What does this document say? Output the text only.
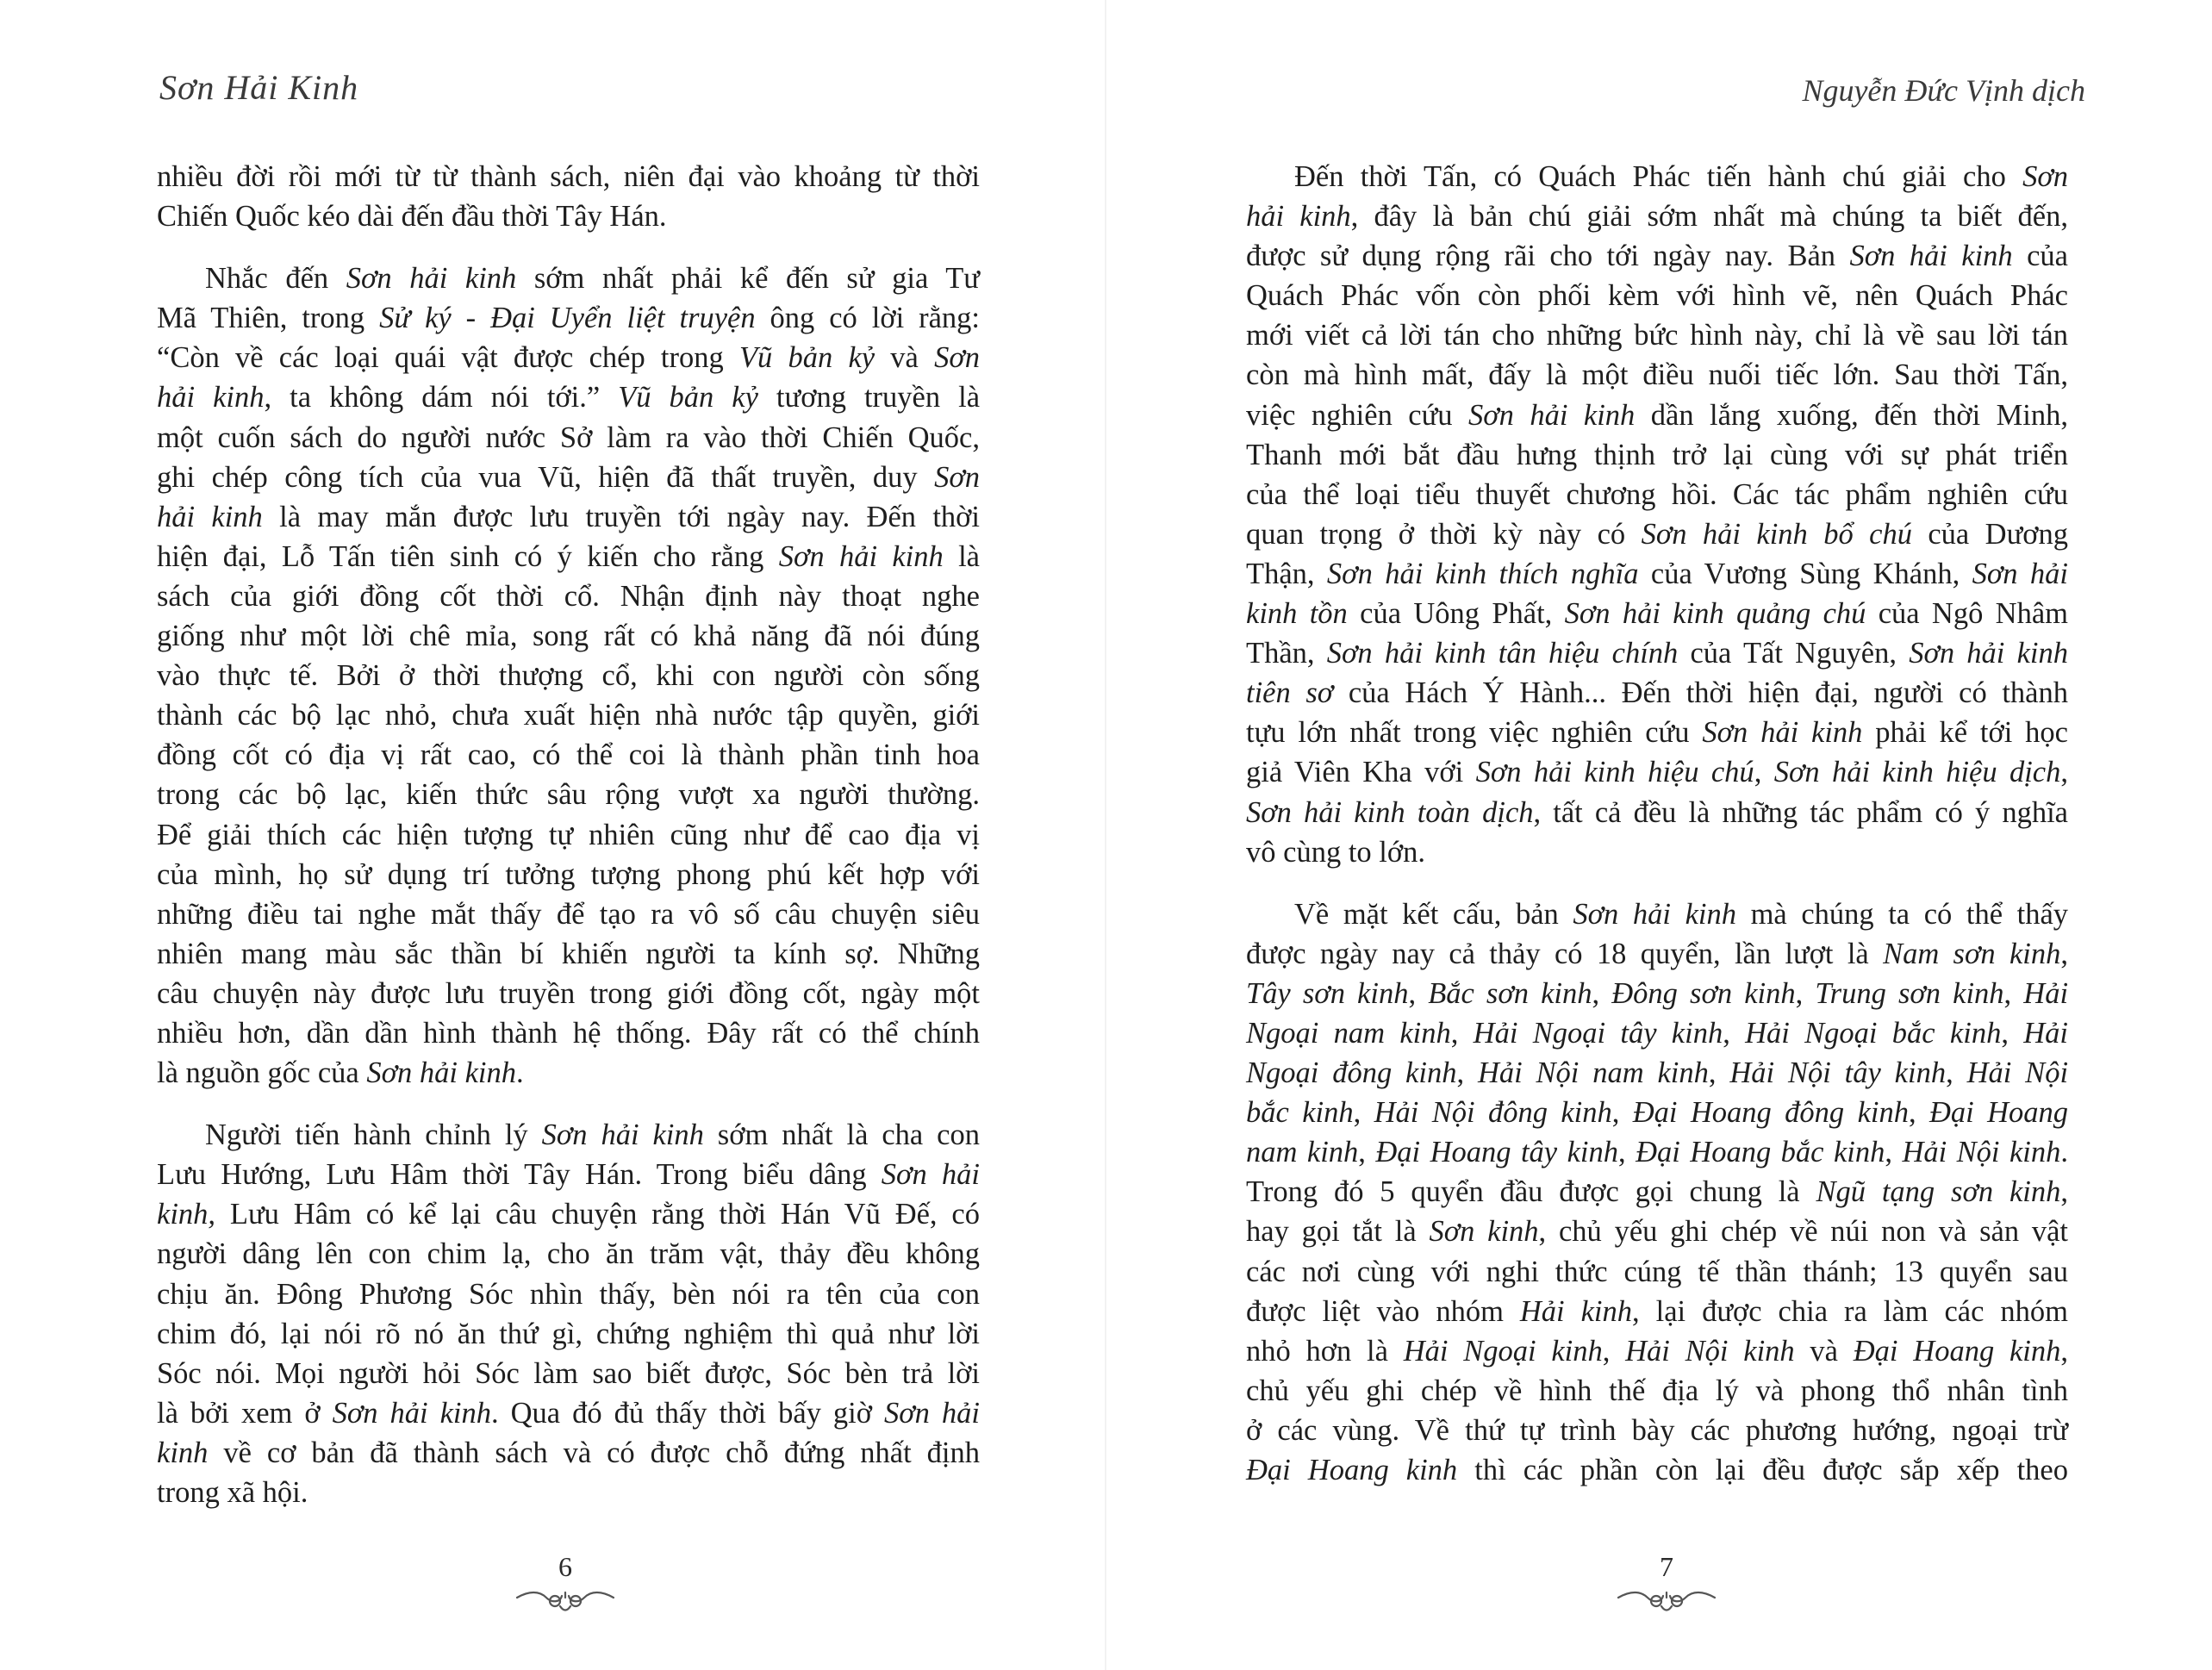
Sơn Hải Kinh

nhiều đời rồi mới từ từ thành sách, niên đại vào khoảng từ thời
Chiến Quốc kéo dài đến đầu thời Tây Hán.

Nhắc đến Sơn hải kinh sớm nhất phải kể đến sử gia Tư
Mã Thiên, trong Sử ký - Đại Uyển liệt truyện ông có lời rằng:
“Còn về các loại quái vật được chép trong Vũ bản kỷ và Sơn
hải kinh, ta không dám nói tới.” Vũ bản kỷ tương truyền là
một cuốn sách do người nước Sở làm ra vào thời Chiến Quốc,
ghi chép công tích của vua Vũ, hiện đã thất truyền, duy Sơn
hải kinh là may mắn được lưu truyền tới ngày nay. Đến thời
hiện đại, Lỗ Tấn tiên sinh có ý kiến cho rằng Sơn hải kinh là
sách của giới đồng cốt thời cổ. Nhận định này thoạt nghe
giống như một lời chê mỉa, song rất có khả năng đã nói đúng
vào thực tế. Bởi ở thời thượng cổ, khi con người còn sống
thành các bộ lạc nhỏ, chưa xuất hiện nhà nước tập quyền, giới
đồng cốt có địa vị rất cao, có thể coi là thành phần tinh hoa
trong các bộ lạc, kiến thức sâu rộng vượt xa người thường.
Để giải thích các hiện tượng tự nhiên cũng như để cao địa vị
của mình, họ sử dụng trí tưởng tượng phong phú kết hợp với
những điều tai nghe mắt thấy để tạo ra vô số câu chuyện siêu
nhiên mang màu sắc thần bí khiến người ta kính sợ. Những
câu chuyện này được lưu truyền trong giới đồng cốt, ngày một
nhiều hơn, dần dần hình thành hệ thống. Đây rất có thể chính
là nguồn gốc của Sơn hải kinh.

Người tiến hành chỉnh lý Sơn hải kinh sớm nhất là cha con
Lưu Hướng, Lưu Hâm thời Tây Hán. Trong biểu dâng Sơn hải
kinh, Lưu Hâm có kể lại câu chuyện rằng thời Hán Vũ Đế, có
người dâng lên con chim lạ, cho ăn trăm vật, thảy đều không
chịu ăn. Đông Phương Sóc nhìn thấy, bèn nói ra tên của con
chim đó, lại nói rõ nó ăn thứ gì, chứng nghiệm thì quả như lời
Sóc nói. Mọi người hỏi Sóc làm sao biết được, Sóc bèn trả lời
là bởi xem ở Sơn hải kinh. Qua đó đủ thấy thời bấy giờ Sơn hải
kinh về cơ bản đã thành sách và có được chỗ đứng nhất định
trong xã hội.

6
Nguyễn Đức Vịnh dịch

Đến thời Tấn, có Quách Phác tiến hành chú giải cho Sơn
hải kinh, đây là bản chú giải sớm nhất mà chúng ta biết đến,
được sử dụng rộng rãi cho tới ngày nay. Bản Sơn hải kinh của
Quách Phác vốn còn phối kèm với hình vẽ, nên Quách Phác
mới viết cả lời tán cho những bức hình này, chỉ là về sau lời tán
còn mà hình mất, đấy là một điều nuối tiếc lớn. Sau thời Tấn,
việc nghiên cứu Sơn hải kinh dần lắng xuống, đến thời Minh,
Thanh mới bắt đầu hưng thịnh trở lại cùng với sự phát triển
của thể loại tiểu thuyết chương hồi. Các tác phẩm nghiên cứu
quan trọng ở thời kỳ này có Sơn hải kinh bổ chú của Dương
Thận, Sơn hải kinh thích nghĩa của Vương Sùng Khánh, Sơn hải
kinh tồn của Uông Phất, Sơn hải kinh quảng chú của Ngô Nhâm
Thần, Sơn hải kinh tân hiệu chính của Tất Nguyên, Sơn hải kinh
tiên sơ của Hách Ý Hành... Đến thời hiện đại, người có thành
tựu lớn nhất trong việc nghiên cứu Sơn hải kinh phải kể tới học
giả Viên Kha với Sơn hải kinh hiệu chú, Sơn hải kinh hiệu dịch,
Sơn hải kinh toàn dịch, tất cả đều là những tác phẩm có ý nghĩa
vô cùng to lớn.

Về mặt kết cấu, bản Sơn hải kinh mà chúng ta có thể thấy
được ngày nay cả thảy có 18 quyển, lần lượt là Nam sơn kinh,
Tây sơn kinh, Bắc sơn kinh, Đông sơn kinh, Trung sơn kinh, Hải
Ngoại nam kinh, Hải Ngoại tây kinh, Hải Ngoại bắc kinh, Hải
Ngoại đông kinh, Hải Nội nam kinh, Hải Nội tây kinh, Hải Nội
bắc kinh, Hải Nội đông kinh, Đại Hoang đông kinh, Đại Hoang
nam kinh, Đại Hoang tây kinh, Đại Hoang bắc kinh, Hải Nội kinh.
Trong đó 5 quyển đầu được gọi chung là Ngũ tạng sơn kinh,
hay gọi tắt là Sơn kinh, chủ yếu ghi chép về núi non và sản vật
các nơi cùng với nghi thức cúng tế thần thánh; 13 quyển sau
được liệt vào nhóm Hải kinh, lại được chia ra làm các nhóm
nhỏ hơn là Hải Ngoại kinh, Hải Nội kinh và Đại Hoang kinh,
chủ yếu ghi chép về hình thế địa lý và phong thổ nhân tình
ở các vùng. Về thứ tự trình bày các phương hướng, ngoại trừ
Đại Hoang kinh thì các phần còn lại đều được sắp xếp theo

7
